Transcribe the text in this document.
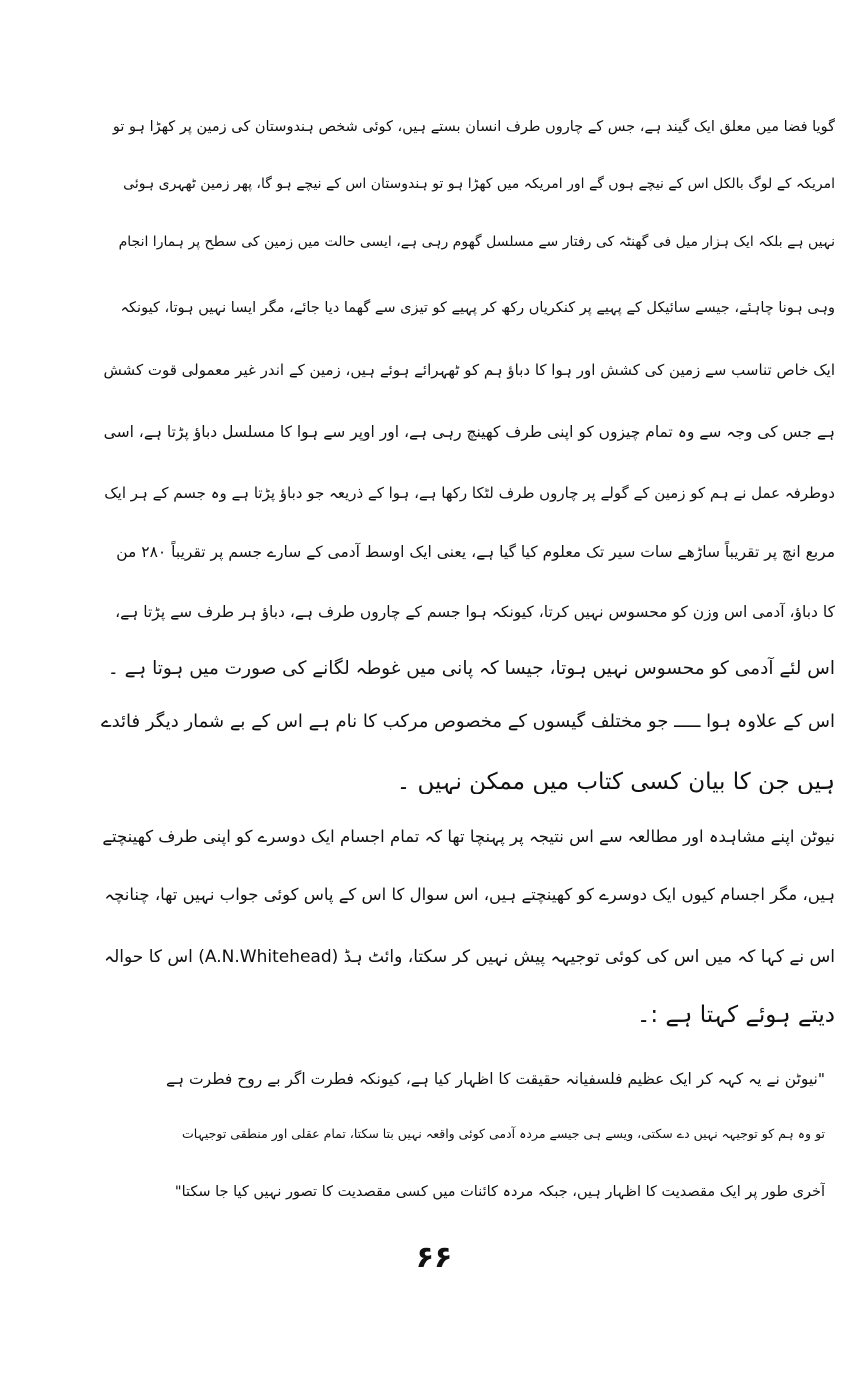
گویا فضا میں معلق ایک گیند ہے، جس کے چاروں طرف انسان بستے ہیں، کوئی شخص ہندوستان کی زمین پر کھڑا ہو تو
امریکہ کے لوگ بالکل اس کے نیچے ہوں گے اور امریکہ میں کھڑا ہو تو ہندوستان اس کے نیچے ہو گا، پھر زمین ٹھہری ہوئی
نہیں ہے بلکہ ایک ہزار میل فی گھنٹہ کی رفتار سے مسلسل گھوم رہی ہے، ایسی حالت میں زمین کی سطح پر ہمارا انجام
وہی ہونا چاہئے، جیسے سائیکل کے پہیے پر کنکریاں رکھ کر پہیے کو تیزی سے گھما دیا جائے، مگر ایسا نہیں ہوتا، کیونکہ
ایک خاص تناسب سے زمین کی کشش اور ہوا کا دباؤ ہم کو ٹھہرائے ہوئے ہیں، زمین کے اندر غیر معمولی قوت کشش
ہے جس کی وجہ سے وہ تمام چیزوں کو اپنی طرف کھینچ رہی ہے، اور اوپر سے ہوا کا مسلسل دباؤ پڑتا ہے، اسی
دوطرفہ عمل نے ہم کو زمین کے گولے پر چاروں طرف لٹکا رکھا ہے، ہوا کے ذریعہ جو دباؤ پڑتا ہے وہ جسم کے ہر ایک
مربع انچ پر تقریباً ساڑھے سات سیر تک معلوم کیا گیا ہے، یعنی ایک اوسط آدمی کے سارے جسم پر تقریباً ۲۸۰ من
کا دباؤ، آدمی اس وزن کو محسوس نہیں کرتا، کیونکہ ہوا جسم کے چاروں طرف ہے، دباؤ ہر طرف سے پڑتا ہے،
اس لئے آدمی کو محسوس نہیں ہوتا، جیسا کہ پانی میں غوطہ لگانے کی صورت میں ہوتا ہے ۔
اس کے علاوہ ہوا ـــــ جو مختلف گیسوں کے مخصوص مرکب کا نام ہے اس کے بے شمار دیگر فائدے
ہیں جن کا بیان کسی کتاب میں ممکن نہیں ۔
نیوٹن اپنے مشاہدہ اور مطالعہ سے اس نتیجہ پر پہنچا تھا کہ تمام اجسام ایک دوسرے کو اپنی طرف کھینچتے
ہیں، مگر اجسام کیوں ایک دوسرے کو کھینچتے ہیں، اس سوال کا اس کے پاس کوئی جواب نہیں تھا، چنانچہ
اس نے کہا کہ میں اس کی کوئی توجیہہ پیش نہیں کر سکتا، وائٹ ہڈ (A.N.Whitehead) اس کا حوالہ
دیتے ہوئے کہتا ہے :۔
"نیوٹن نے یہ کہہ کر ایک عظیم فلسفیانہ حقیقت کا اظہار کیا ہے، کیونکہ فطرت اگر بے روح فطرت ہے
تو وہ ہم کو توجیہہ نہیں دے سکتی، ویسے ہی جیسے مردہ آدمی کوئی واقعہ نہیں بتا سکتا، تمام عقلی اور منطقی توجیہات
آخری طور پر ایک مقصدیت کا اظہار ہیں، جبکہ مردہ کائنات میں کسی مقصدیت کا تصور نہیں کیا جا سکتا"
۶۶
